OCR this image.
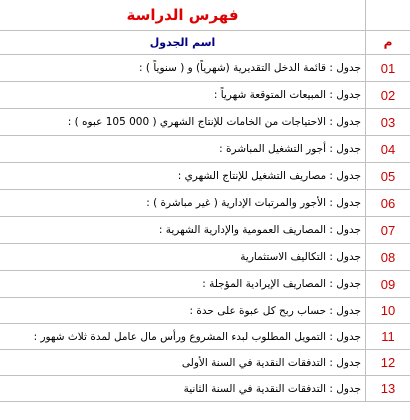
فهرس الدراسة
اسم الجدول	م
جدول : قائمة الدخل التقديرية (شهرياً) و ( سنوياً ) : 01
جدول : المبيعات المتوقعة شهرياً : 02
جدول : الاحتياجات من الخامات للإنتاج الشهري ( 000 105 عبوه ) : 03
جدول : أجور التشغيل المباشرة : 04
جدول : مصاريف التشغيل للإنتاج الشهري : 05
جدول : الأجور والمرتبات الإدارية ( غير مباشرة ) : 06
جدول : المصاريف العمومية والإدارية الشهرية : 07
جدول : التكاليف الاستثمارية 08
جدول : المصاريف الإيرادية المؤجلة : 09
جدول : حساب ربح كل عبوة على حدة : 10
جدول : التمويل المطلوب لبدء المشروع ورأس مال عامل لمدة ثلاث شهور : 11
جدول : التدفقات النقدية في السنة الأولى 12
جدول : التدفقات النقدية في السنة الثانية 13
